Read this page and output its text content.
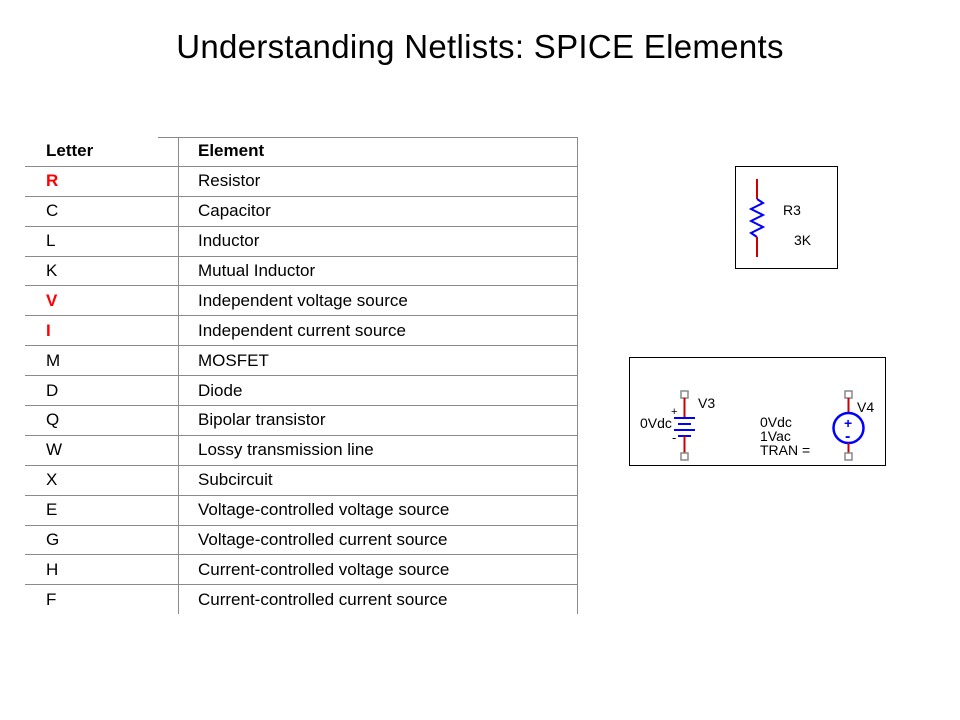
Understanding Netlists: SPICE Elements
Letter	Element
R	Resistor
C	Capacitor
L	Inductor
K	Mutual Inductor
V	Independent voltage source
I	Independent current source
M	MOSFET
D	Diode
Q	Bipolar transistor
W	Lossy transmission line
X	Subcircuit
E	Voltage-controlled voltage source
G	Voltage-controlled current source
H	Current-controlled voltage source
F	Current-controlled current source
R3
3K
V3
0Vdc
+
-
0Vdc
1Vac
TRAN =
V4
+
-
